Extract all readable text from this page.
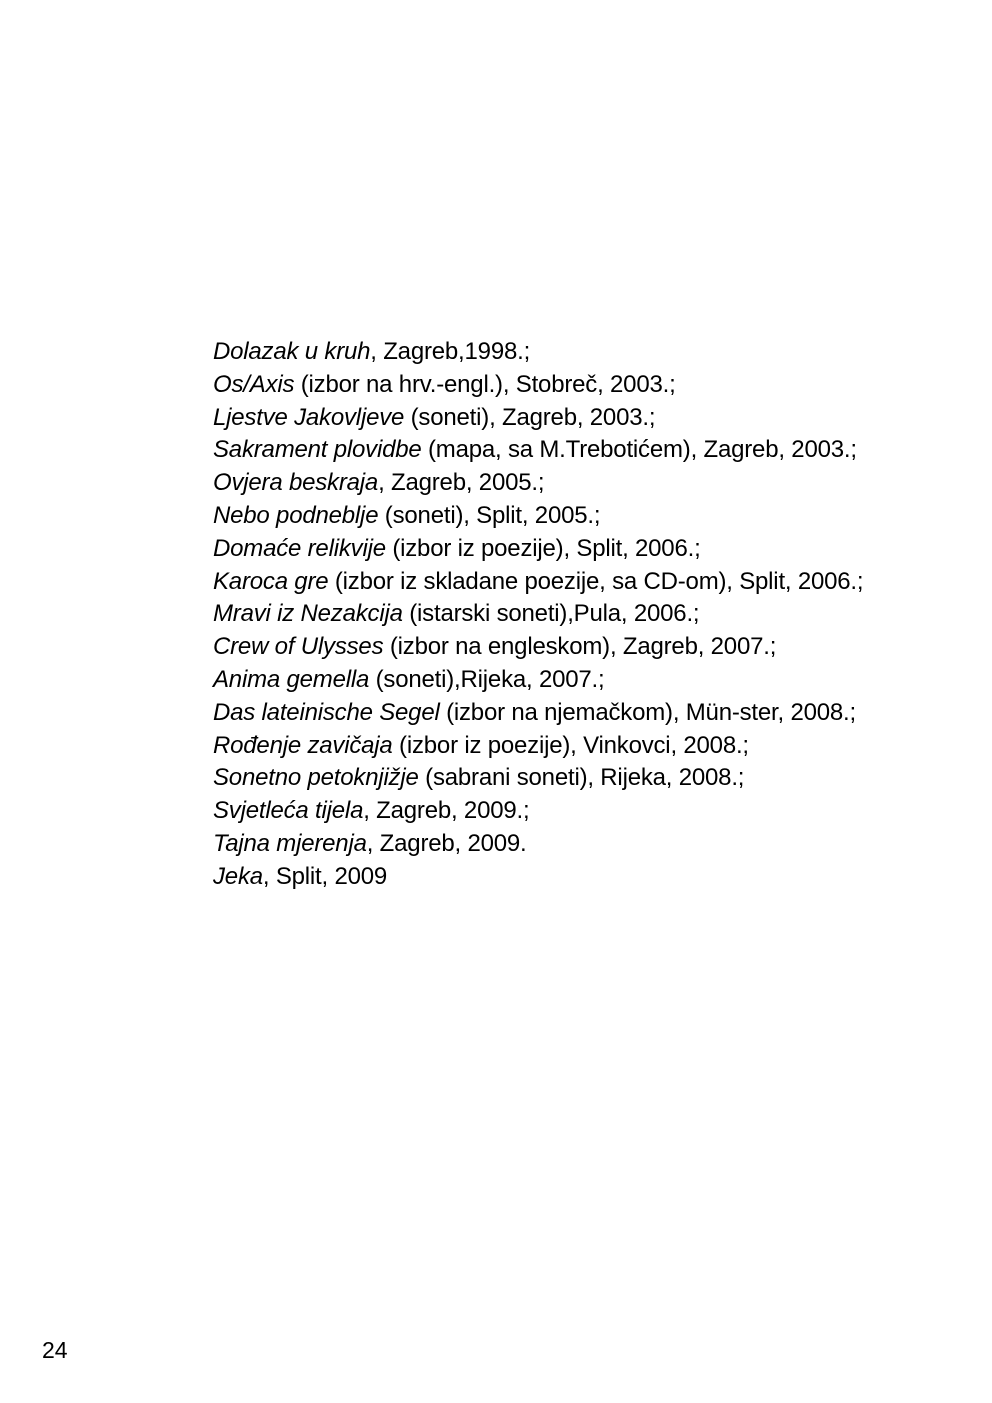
Dolazak u kruh, Zagreb,1998.;
Os/Axis (izbor na hrv.-engl.), Stobreč, 2003.;
Ljestve Jakovljeve (soneti), Zagreb, 2003.;
Sakrament plovidbe (mapa, sa M.Trebotićem), Zagreb, 2003.;
Ovjera beskraja, Zagreb, 2005.;
Nebo podneblje (soneti), Split, 2005.;
Domaće relikvije (izbor iz poezije), Split, 2006.;
Karoca gre (izbor iz skladane poezije, sa CD-om), Split, 2006.;
Mravi iz Nezakcija (istarski soneti),Pula, 2006.;
Crew of Ulysses (izbor na engleskom), Zagreb, 2007.;
Anima gemella (soneti),Rijeka, 2007.;
Das lateinische Segel (izbor na njemačkom), Mün-ster, 2008.;
Rođenje zavičaja (izbor iz poezije), Vinkovci, 2008.;
Sonetno petoknjižje (sabrani soneti), Rijeka, 2008.;
Svjetleća tijela, Zagreb, 2009.;
Tajna mjerenja, Zagreb, 2009.
Jeka, Split, 2009
24
